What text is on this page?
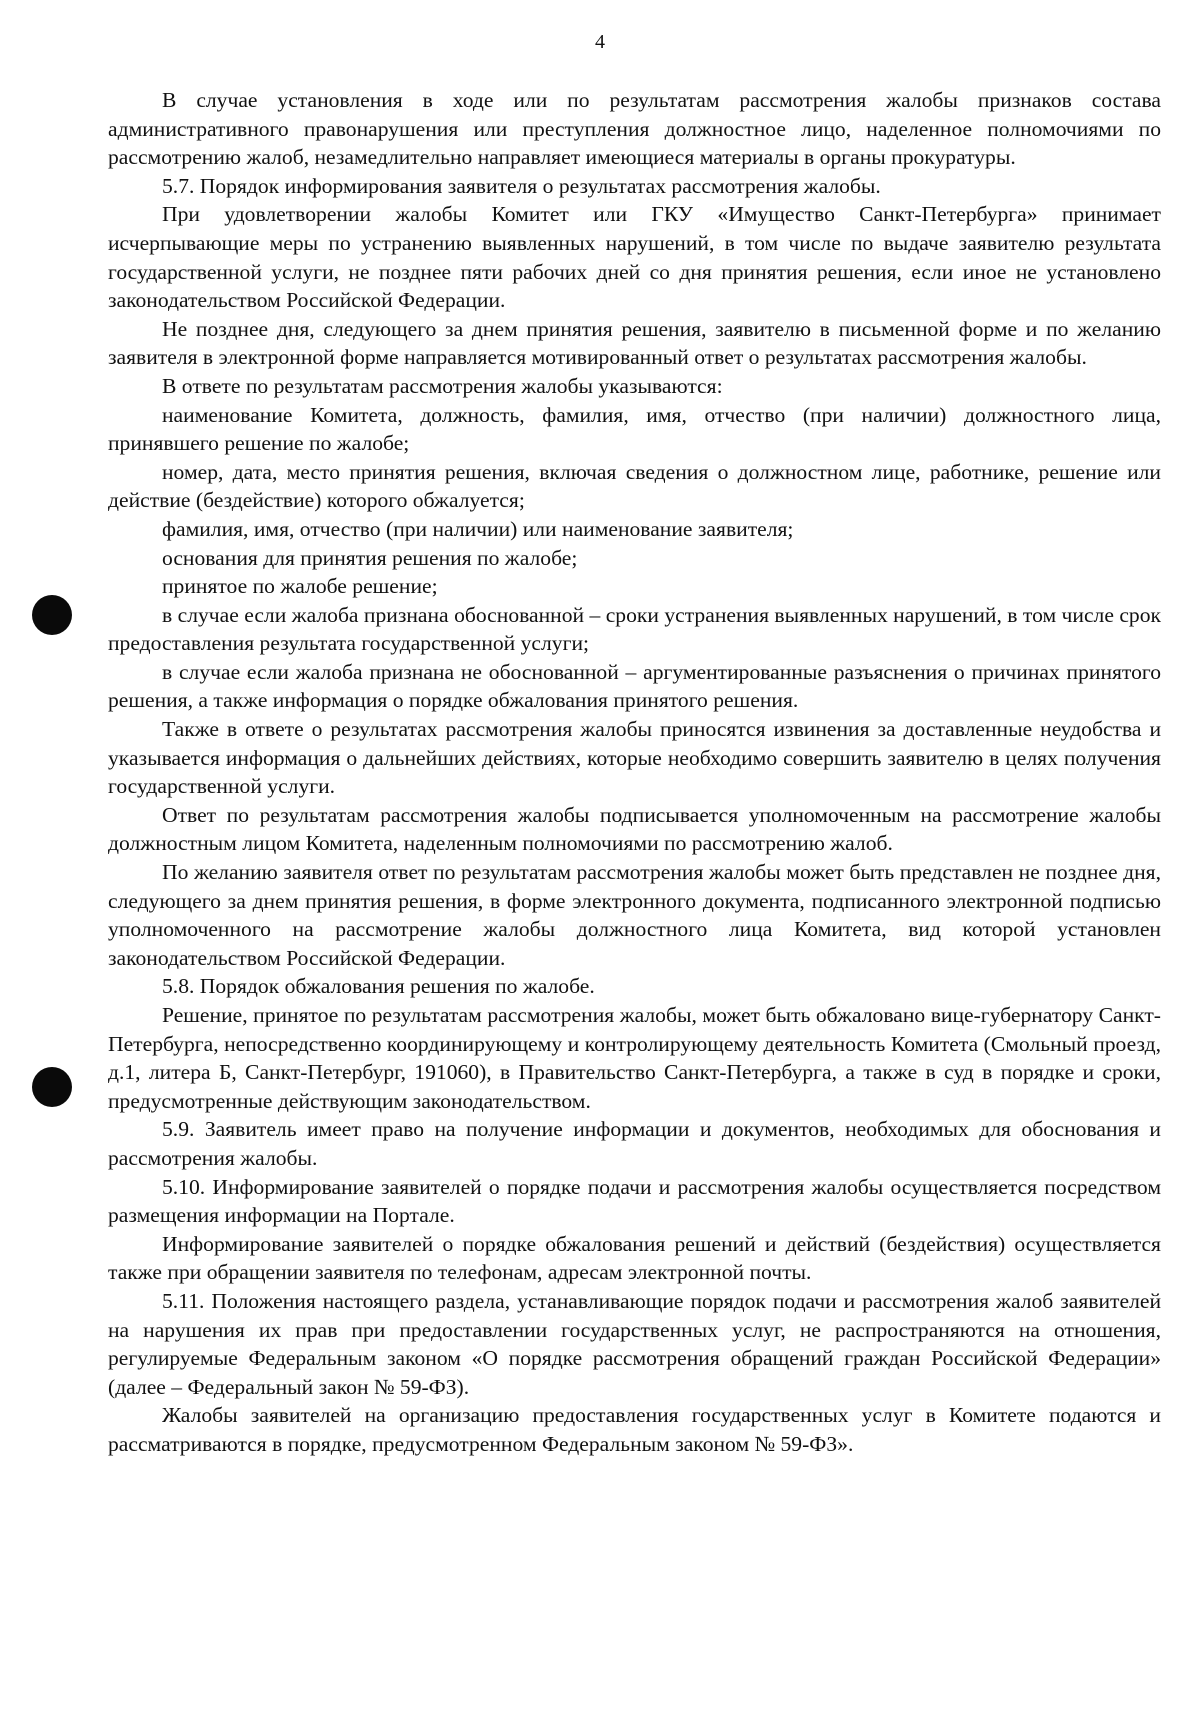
4

В случае установления в ходе или по результатам рассмотрения жалобы признаков состава административного правонарушения или преступления должностное лицо, наделенное полномочиями по рассмотрению жалоб, незамедлительно направляет имеющиеся материалы в органы прокуратуры.

5.7. Порядок информирования заявителя о результатах рассмотрения жалобы.

При удовлетворении жалобы Комитет или ГКУ «Имущество Санкт-Петербурга» принимает исчерпывающие меры по устранению выявленных нарушений, в том числе по выдаче заявителю результата государственной услуги, не позднее пяти рабочих дней со дня принятия решения, если иное не установлено законодательством Российской Федерации.

Не позднее дня, следующего за днем принятия решения, заявителю в письменной форме и по желанию заявителя в электронной форме направляется мотивированный ответ о результатах рассмотрения жалобы.

В ответе по результатам рассмотрения жалобы указываются:

наименование Комитета, должность, фамилия, имя, отчество (при наличии) должностного лица, принявшего решение по жалобе;

номер, дата, место принятия решения, включая сведения о должностном лице, работнике, решение или действие (бездействие) которого обжалуется;

фамилия, имя, отчество (при наличии) или наименование заявителя;

основания для принятия решения по жалобе;

принятое по жалобе решение;

в случае если жалоба признана обоснованной – сроки устранения выявленных нарушений, в том числе срок предоставления результата государственной услуги;

в случае если жалоба признана не обоснованной – аргументированные разъяснения о причинах принятого решения, а также информация о порядке обжалования принятого решения.

Также в ответе о результатах рассмотрения жалобы приносятся извинения за доставленные неудобства и указывается информация о дальнейших действиях, которые необходимо совершить заявителю в целях получения государственной услуги.

Ответ по результатам рассмотрения жалобы подписывается уполномоченным на рассмотрение жалобы должностным лицом Комитета, наделенным полномочиями по рассмотрению жалоб.

По желанию заявителя ответ по результатам рассмотрения жалобы может быть представлен не позднее дня, следующего за днем принятия решения, в форме электронного документа, подписанного электронной подписью уполномоченного на рассмотрение жалобы должностного лица Комитета, вид которой установлен законодательством Российской Федерации.

5.8. Порядок обжалования решения по жалобе.

Решение, принятое по результатам рассмотрения жалобы, может быть обжаловано вице-губернатору Санкт-Петербурга, непосредственно координирующему и контролирующему деятельность Комитета (Смольный проезд, д.1, литера Б, Санкт-Петербург, 191060), в Правительство Санкт-Петербурга, а также в суд в порядке и сроки, предусмотренные действующим законодательством.

5.9. Заявитель имеет право на получение информации и документов, необходимых для обоснования и рассмотрения жалобы.

5.10. Информирование заявителей о порядке подачи и рассмотрения жалобы осуществляется посредством размещения информации на Портале.

Информирование заявителей о порядке обжалования решений и действий (бездействия) осуществляется также при обращении заявителя по телефонам, адресам электронной почты.

5.11. Положения настоящего раздела, устанавливающие порядок подачи и рассмотрения жалоб заявителей на нарушения их прав при предоставлении государственных услуг, не распространяются на отношения, регулируемые Федеральным законом «О порядке рассмотрения обращений граждан Российской Федерации» (далее – Федеральный закон № 59-ФЗ).

Жалобы заявителей на организацию предоставления государственных услуг в Комитете подаются и рассматриваются в порядке, предусмотренном Федеральным законом № 59-ФЗ».
